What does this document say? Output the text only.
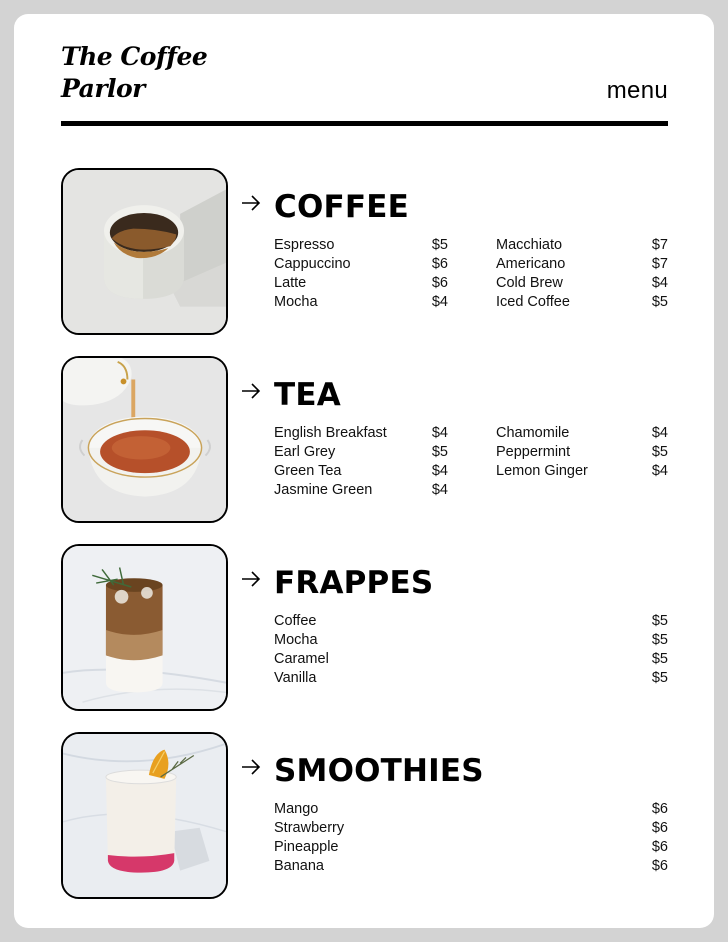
The Coffee
Parlor	menu
COFFEE
Espresso	$5
Cappuccino	$6
Latte	$6
Mocha	$4
Macchiato	$7
Americano	$7
Cold Brew	$4
Iced Coffee	$5
TEA
English Breakfast	$4
Earl Grey	$5
Green Tea	$4
Jasmine Green	$4
Chamomile	$4
Peppermint	$5
Lemon Ginger	$4
FRAPPES
Coffee	$5
Mocha	$5
Caramel	$5
Vanilla	$5
SMOOTHIES
Mango	$6
Strawberry	$6
Pineapple	$6
Banana	$6
